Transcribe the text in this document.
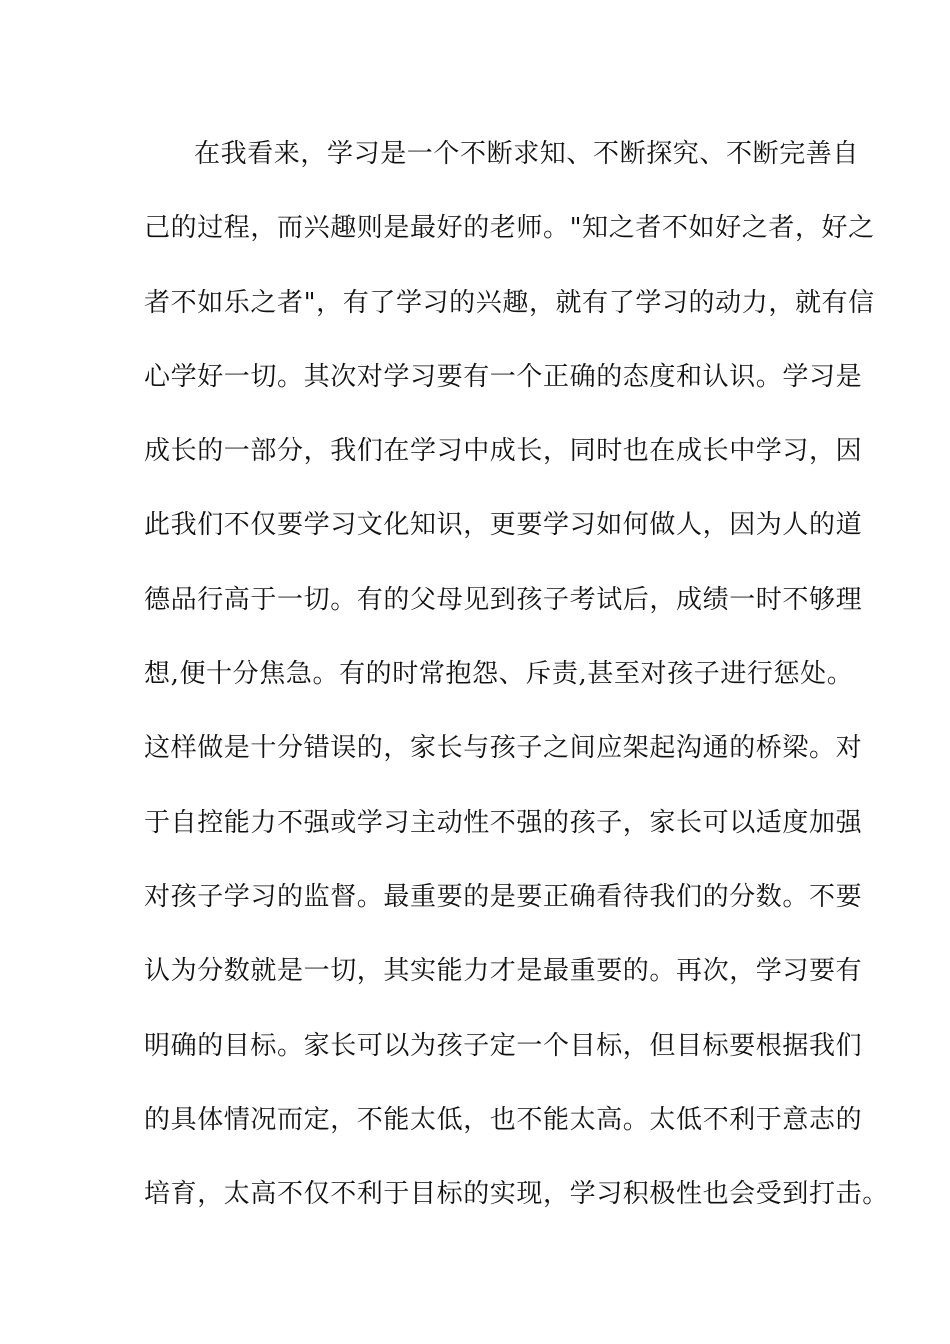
在我看来，学习是一个不断求知、不断探究、不断完善自
己的过程，而兴趣则是最好的老师。"知之者不如好之者，好之
者不如乐之者"，有了学习的兴趣，就有了学习的动力，就有信
心学好一切。其次对学习要有一个正确的态度和认识。学习是
成长的一部分，我们在学习中成长，同时也在成长中学习，因
此我们不仅要学习文化知识，更要学习如何做人，因为人的道
德品行高于一切。有的父母见到孩子考试后，成绩一时不够理
想,便十分焦急。有的时常抱怨、斥责,甚至对孩子进行惩处。
这样做是十分错误的，家长与孩子之间应架起沟通的桥梁。对
于自控能力不强或学习主动性不强的孩子，家长可以适度加强
对孩子学习的监督。最重要的是要正确看待我们的分数。不要
认为分数就是一切，其实能力才是最重要的。再次，学习要有
明确的目标。家长可以为孩子定一个目标，但目标要根据我们
的具体情况而定，不能太低，也不能太高。太低不利于意志的
培育，太高不仅不利于目标的实现，学习积极性也会受到打击。
